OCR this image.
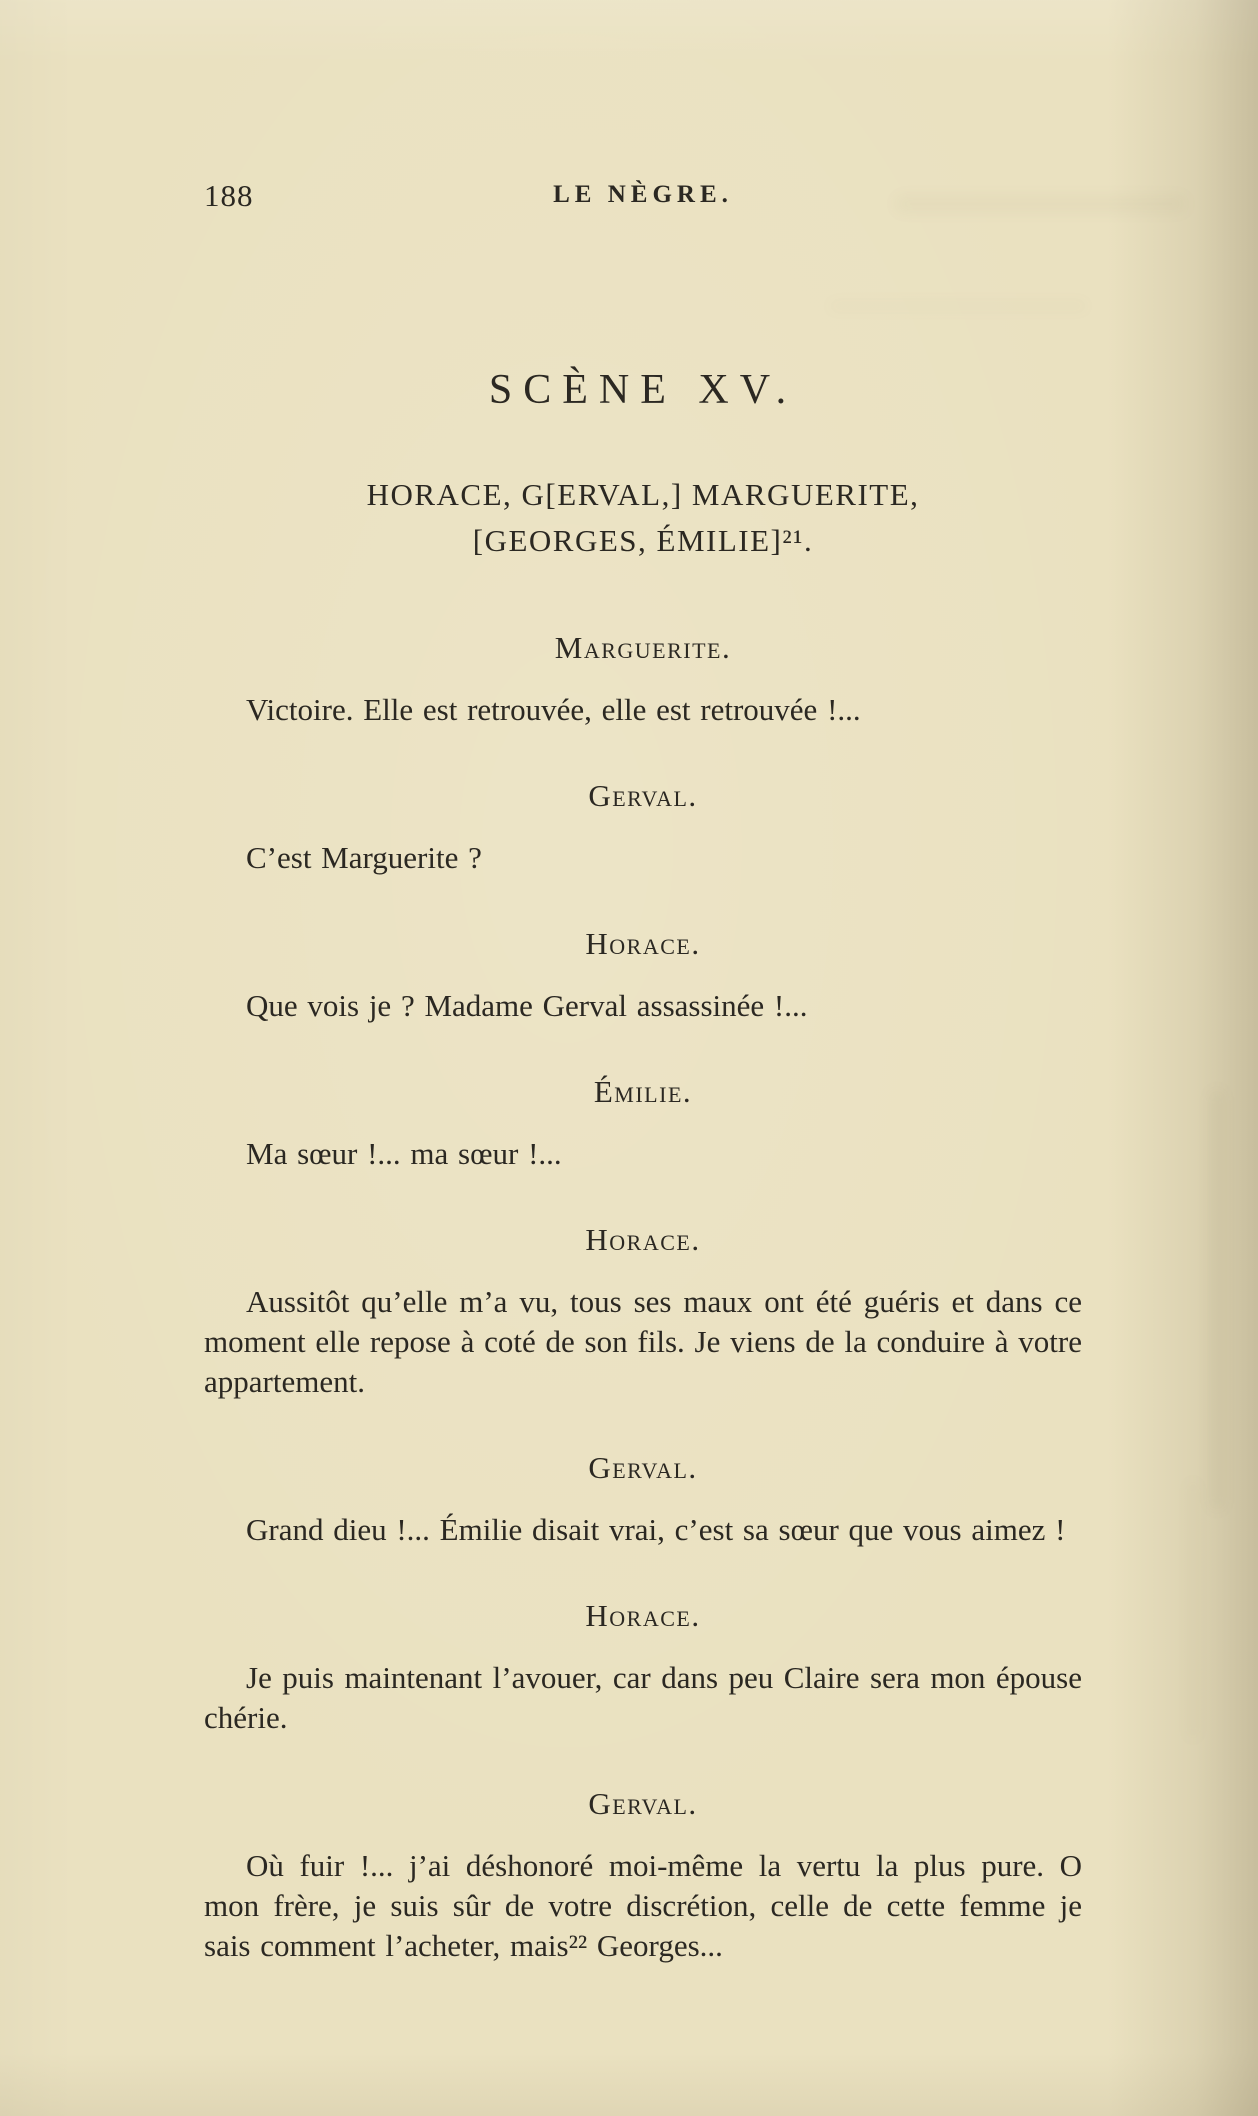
188	LE NÈGRE.
SCÈNE XV.
HORACE, G[ERVAL,] MARGUERITE,
[GEORGES, ÉMILIE]²¹.
Marguerite.

Victoire. Elle est retrouvée, elle est retrouvée !...

Gerval.

C’est Marguerite ?

Horace.

Que vois je ? Madame Gerval assassinée !...

Émilie.

Ma sœur !... ma sœur !...

Horace.

Aussitôt qu’elle m’a vu, tous ses maux ont été guéris et dans ce moment elle repose à coté de son fils. Je viens de la conduire à votre appartement.

Gerval.

Grand dieu !... Émilie disait vrai, c’est sa sœur que vous aimez !

Horace.

Je puis maintenant l’avouer, car dans peu Claire sera mon épouse chérie.

Gerval.

Où fuir !... j’ai déshonoré moi-même la vertu la plus pure. O mon frère, je suis sûr de votre discrétion, celle de cette femme je sais comment l’acheter, mais²² Georges...
